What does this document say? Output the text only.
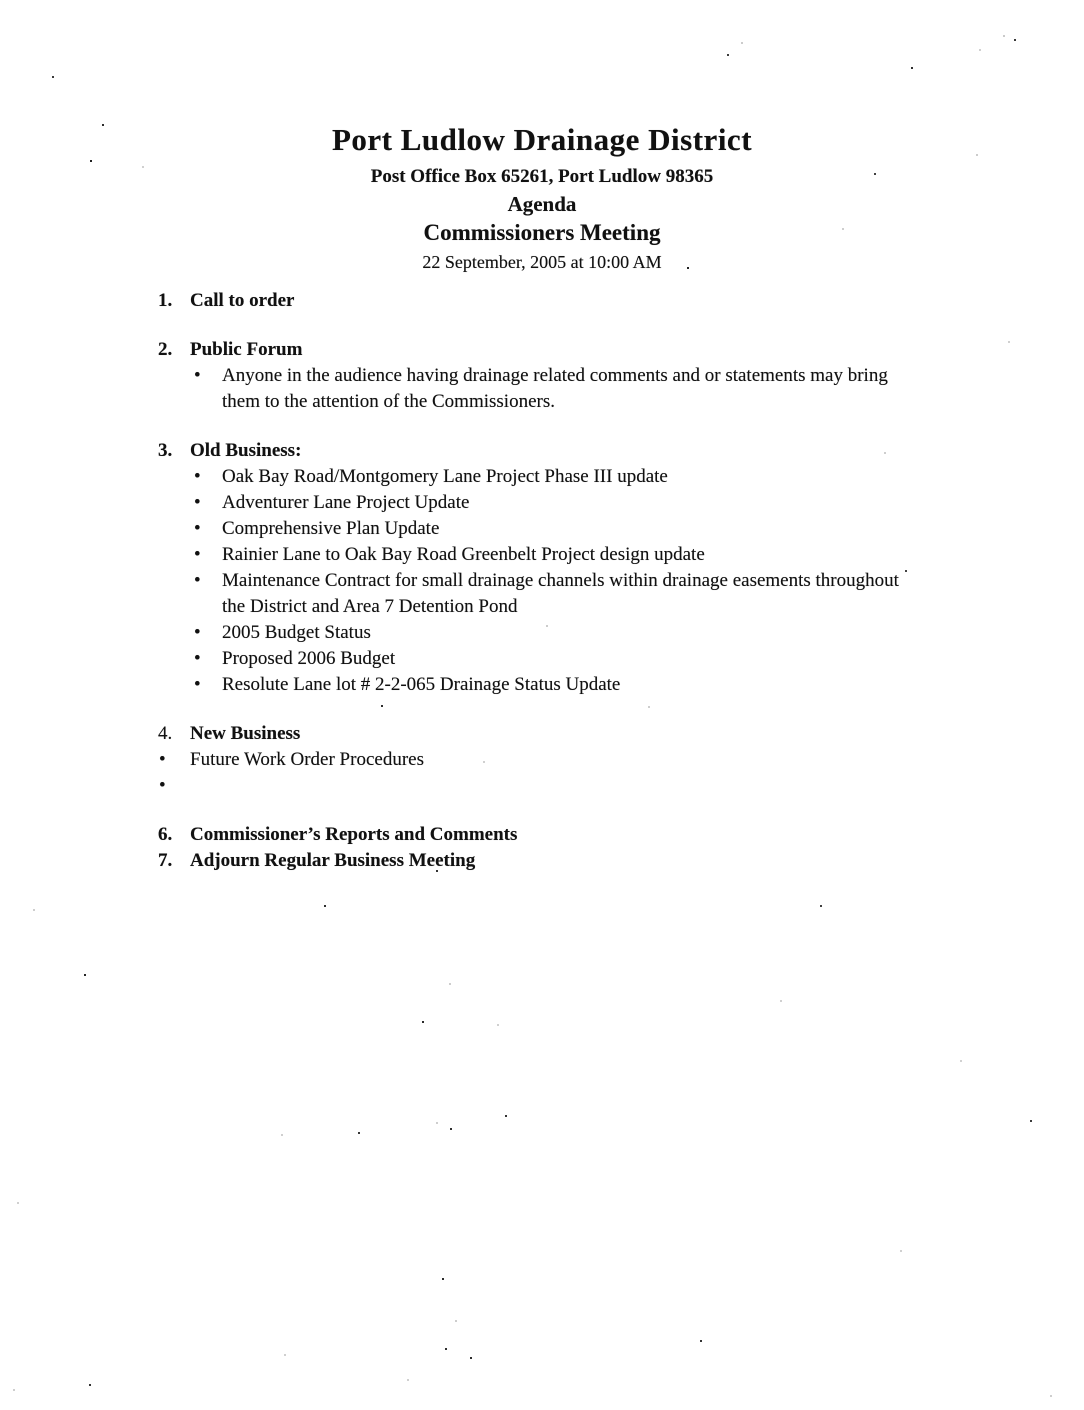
Port Ludlow Drainage District
Post Office Box 65261, Port Ludlow 98365
Agenda
Commissioners Meeting
22 September, 2005 at 10:00 AM
1. Call to order
2. Public Forum
• Anyone in the audience having drainage related comments and or statements may bring them to the attention of the Commissioners.
3. Old Business:
• Oak Bay Road/Montgomery Lane Project Phase III update
• Adventurer Lane Project Update
• Comprehensive Plan Update
• Rainier Lane to Oak Bay Road Greenbelt Project design update
• Maintenance Contract for small drainage channels within drainage easements throughout the District and Area 7 Detention Pond
• 2005 Budget Status
• Proposed 2006 Budget
• Resolute Lane lot # 2-2-065 Drainage Status Update
4. New Business
• Future Work Order Procedures
•
6. Commissioner’s Reports and Comments
7. Adjourn Regular Business Meeting
